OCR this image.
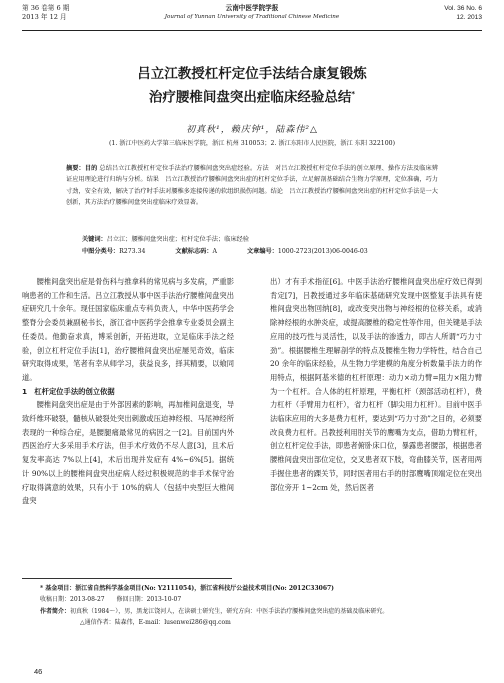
第 36 卷第 6 期
2013 年 12 月
云南中医学院学报
Journal of Yunnan University of Traditional Chinese Medicine
Vol. 36 No. 6
12. 2013
吕立江教授杠杆定位手法结合康复锻炼
治疗腰椎间盘突出症临床经验总结*
初真秋¹，赖庆钟¹，陆森伟²△
(1. 浙江中医药大学第三临床医学院，浙江 杭州 310053；2. 浙江东阳市人民医院，浙江 东阳 322100)
摘要：目的 总结吕立江教授杠杆定位手法治疗腰椎间盘突出症经验。方法　对吕立江教授杠杆定位手法的创立原理、操作方法及临床辨证应用理论进行归纳与分析。结果　吕立江教授治疗腰椎间盘突出症的杠杆定位手法，立足解剖基础结合生物力学原理，定位准确，巧力寸劲，安全有效，解决了治疗时手法对腰椎多连接传递的软组织损伤问题。结论　吕立江教授治疗腰椎间盘突出症的杠杆定位手法是一大创新，其方法治疗腰椎间盘突出症临床疗效显著。
关键词：吕立江；腰椎间盘突出症；杠杆定位手法；临床经验
中图分类号：R273.34	文献标志码：A	文章编号：1000-2723(2013)06-0046-03

腰椎间盘突出症是骨伤科与推拿科的常见病与多发病，严重影响患者的工作和生活。吕立江教授从事中医手法治疗腰椎间盘突出症研究几十余年。现任国家临床重点专科负责人，中华中医药学会整脊分会委员兼副秘书长，浙江省中医药学会推拿专业委员会副主任委员。他勤奋求真，博采创新，开拓进取，立足临床手法之经验，创立杠杆定位手法[1]，治疗腰椎间盘突出症屡见奇效，临床研究取得成果，笔者有幸从师学习，获益良多，择其精要，以飨同道。

1　杠杆定位手法的创立依据

腰椎间盘突出症是由于外部因素的影响，再加椎间盘退变，导致纤维环破裂，髓核从破裂处突出刺激或压迫神经根、马尾神经所表现的一种综合症，是腰腿痛最常见的病因之一[2]。目前国内外西医治疗大多采用手术疗法，但手术疗效仍不尽人意[3]，且术后复发率高达 7%以上[4]，术后出现并发症有 4%~6%[5]。据统计 90%以上的腰椎间盘突出症病人经过积极规范的非手术保守治疗取得满意的效果，只有小于 10%的病人（包括中央型巨大椎间盘突

出）才有手术指征[6]。中医手法治疗腰椎间盘突出症疗效已得到肯定[7]，吕教授通过多年临床基础研究发现中医整复手法具有使椎间盘突出物回纳[8]，或改变突出物与神经根的位移关系，或消除神经根的水肿炎症，或提高腰椎的稳定性等作用，但关键是手法应用的技巧性与灵活性，以及手法的渗透力，即古人所谓“巧力寸劲”。根据腰椎生理解剖学的特点及腰椎生物力学特性，结合自己 20 余年的临床经验，从生物力学建模的角度分析数量手法力的作用特点，根据阿基米德的杠杆原理：动力×动力臂=阻力×阻力臂为一个杠杆。合人体的杠杆原理，平衡杠杆（颈部活动杠杆），费力杠杆（手臂用力杠杆），省力杠杆（脚尖用力杠杆）。目前中医手法临床应用的大多是费力杠杆，要达到“巧力寸劲”之目的，必须要改良费力杠杆。吕教授利用肘关节的鹰嘴为支点，借助力臂杠杆，创立杠杆定位手法，即患者俯卧床口位，暴露患者腰部，根据患者腰椎间盘突出部位定位，交叉患者双下肢，弯曲膝关节，医者用两手握住患者的踝关节，同时医者用右手的肘部鹰嘴顶端定位在突出部位旁开 1~2cm 处，然后医者

* 基金项目：浙江省自然科学基金项目(No: Y2111054)，浙江省科技厅公益技术项目(No: 2012C33067)
收稿日期：2013-08-27　　修回日期：2013-10-07
作者简介：初真秋（1984～），男，黑龙江饶河人，在读硕士研究生，研究方向：中医手法治疗腰椎间盘突出症的基础及临床研究。
△通信作者：陆森伟，E-mail：lusenwei286@qq.com
46
